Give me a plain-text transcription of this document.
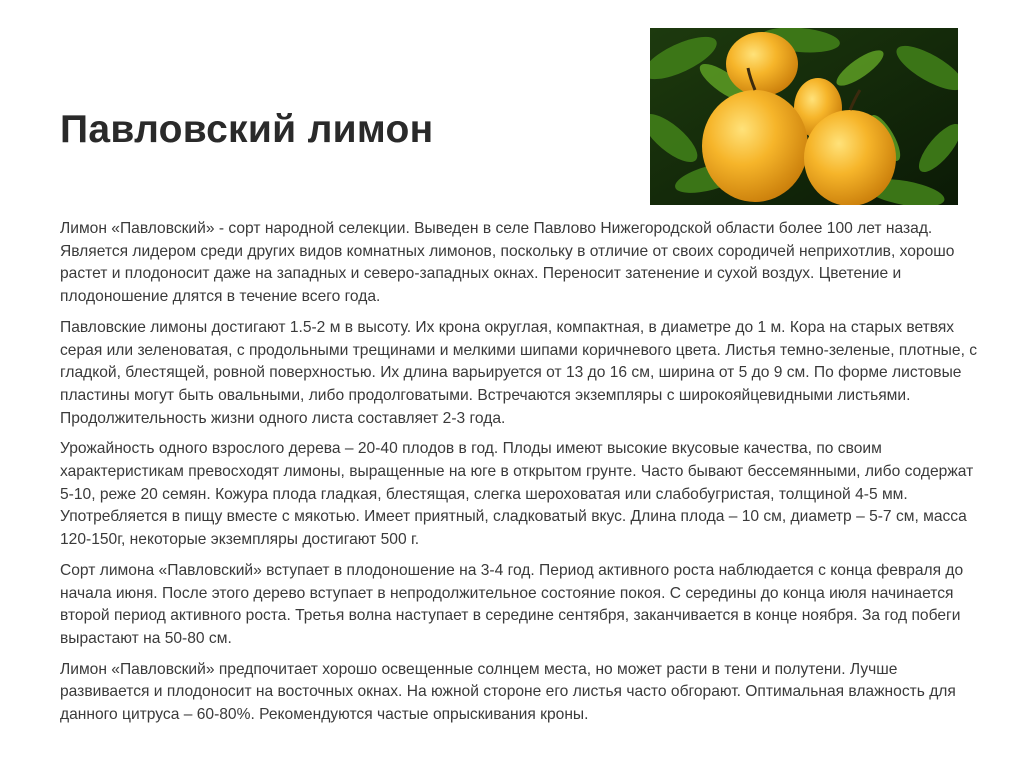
Павловский лимон

Лимон «Павловский» - сорт народной селекции. Выведен в селе Павлово Нижегородской области более 100 лет назад. Является лидером среди других видов комнатных лимонов, поскольку в отличие от своих сородичей неприхотлив, хорошо растет и плодоносит даже на западных и северо-западных окнах. Переносит затенение и сухой воздух. Цветение и плодоношение длятся в течение всего года.

Павловские лимоны достигают 1.5-2 м в высоту. Их крона округлая, компактная, в диаметре до 1 м. Кора на старых ветвях серая или зеленоватая, с продольными трещинами и мелкими шипами коричневого цвета. Листья темно-зеленые, плотные, с гладкой, блестящей, ровной поверхностью. Их длина варьируется от 13 до 16 см, ширина от 5 до 9 см. По форме листовые пластины могут быть овальными, либо продолговатыми. Встречаются экземпляры с широкояйцевидными листьями. Продолжительность жизни одного листа составляет 2-3 года.

Урожайность одного взрослого дерева – 20-40 плодов в год. Плоды имеют высокие вкусовые качества, по своим характеристикам превосходят лимоны, выращенные на юге в открытом грунте. Часто бывают бессемянными, либо содержат 5-10, реже 20 семян. Кожура плода гладкая, блестящая, слегка шероховатая или слабобугристая, толщиной 4-5 мм. Употребляется в пищу вместе с мякотью. Имеет приятный, сладковатый вкус. Длина плода – 10 см, диаметр – 5-7 см, масса 120-150г, некоторые экземпляры достигают 500 г.

Сорт лимона «Павловский» вступает в плодоношение на 3-4 год. Период активного роста наблюдается с конца февраля до начала июня. После этого дерево вступает в непродолжительное состояние покоя. С середины до конца июля начинается второй период активного роста. Третья волна наступает в середине сентября, заканчивается в конце ноября. За год побеги вырастают на 50-80 см.

Лимон «Павловский» предпочитает хорошо освещенные солнцем места, но может расти в тени и полутени. Лучше развивается и плодоносит на восточных окнах. На южной стороне его листья часто обгорают. Оптимальная влажность для данного цитруса – 60-80%. Рекомендуются частые опрыскивания кроны.
